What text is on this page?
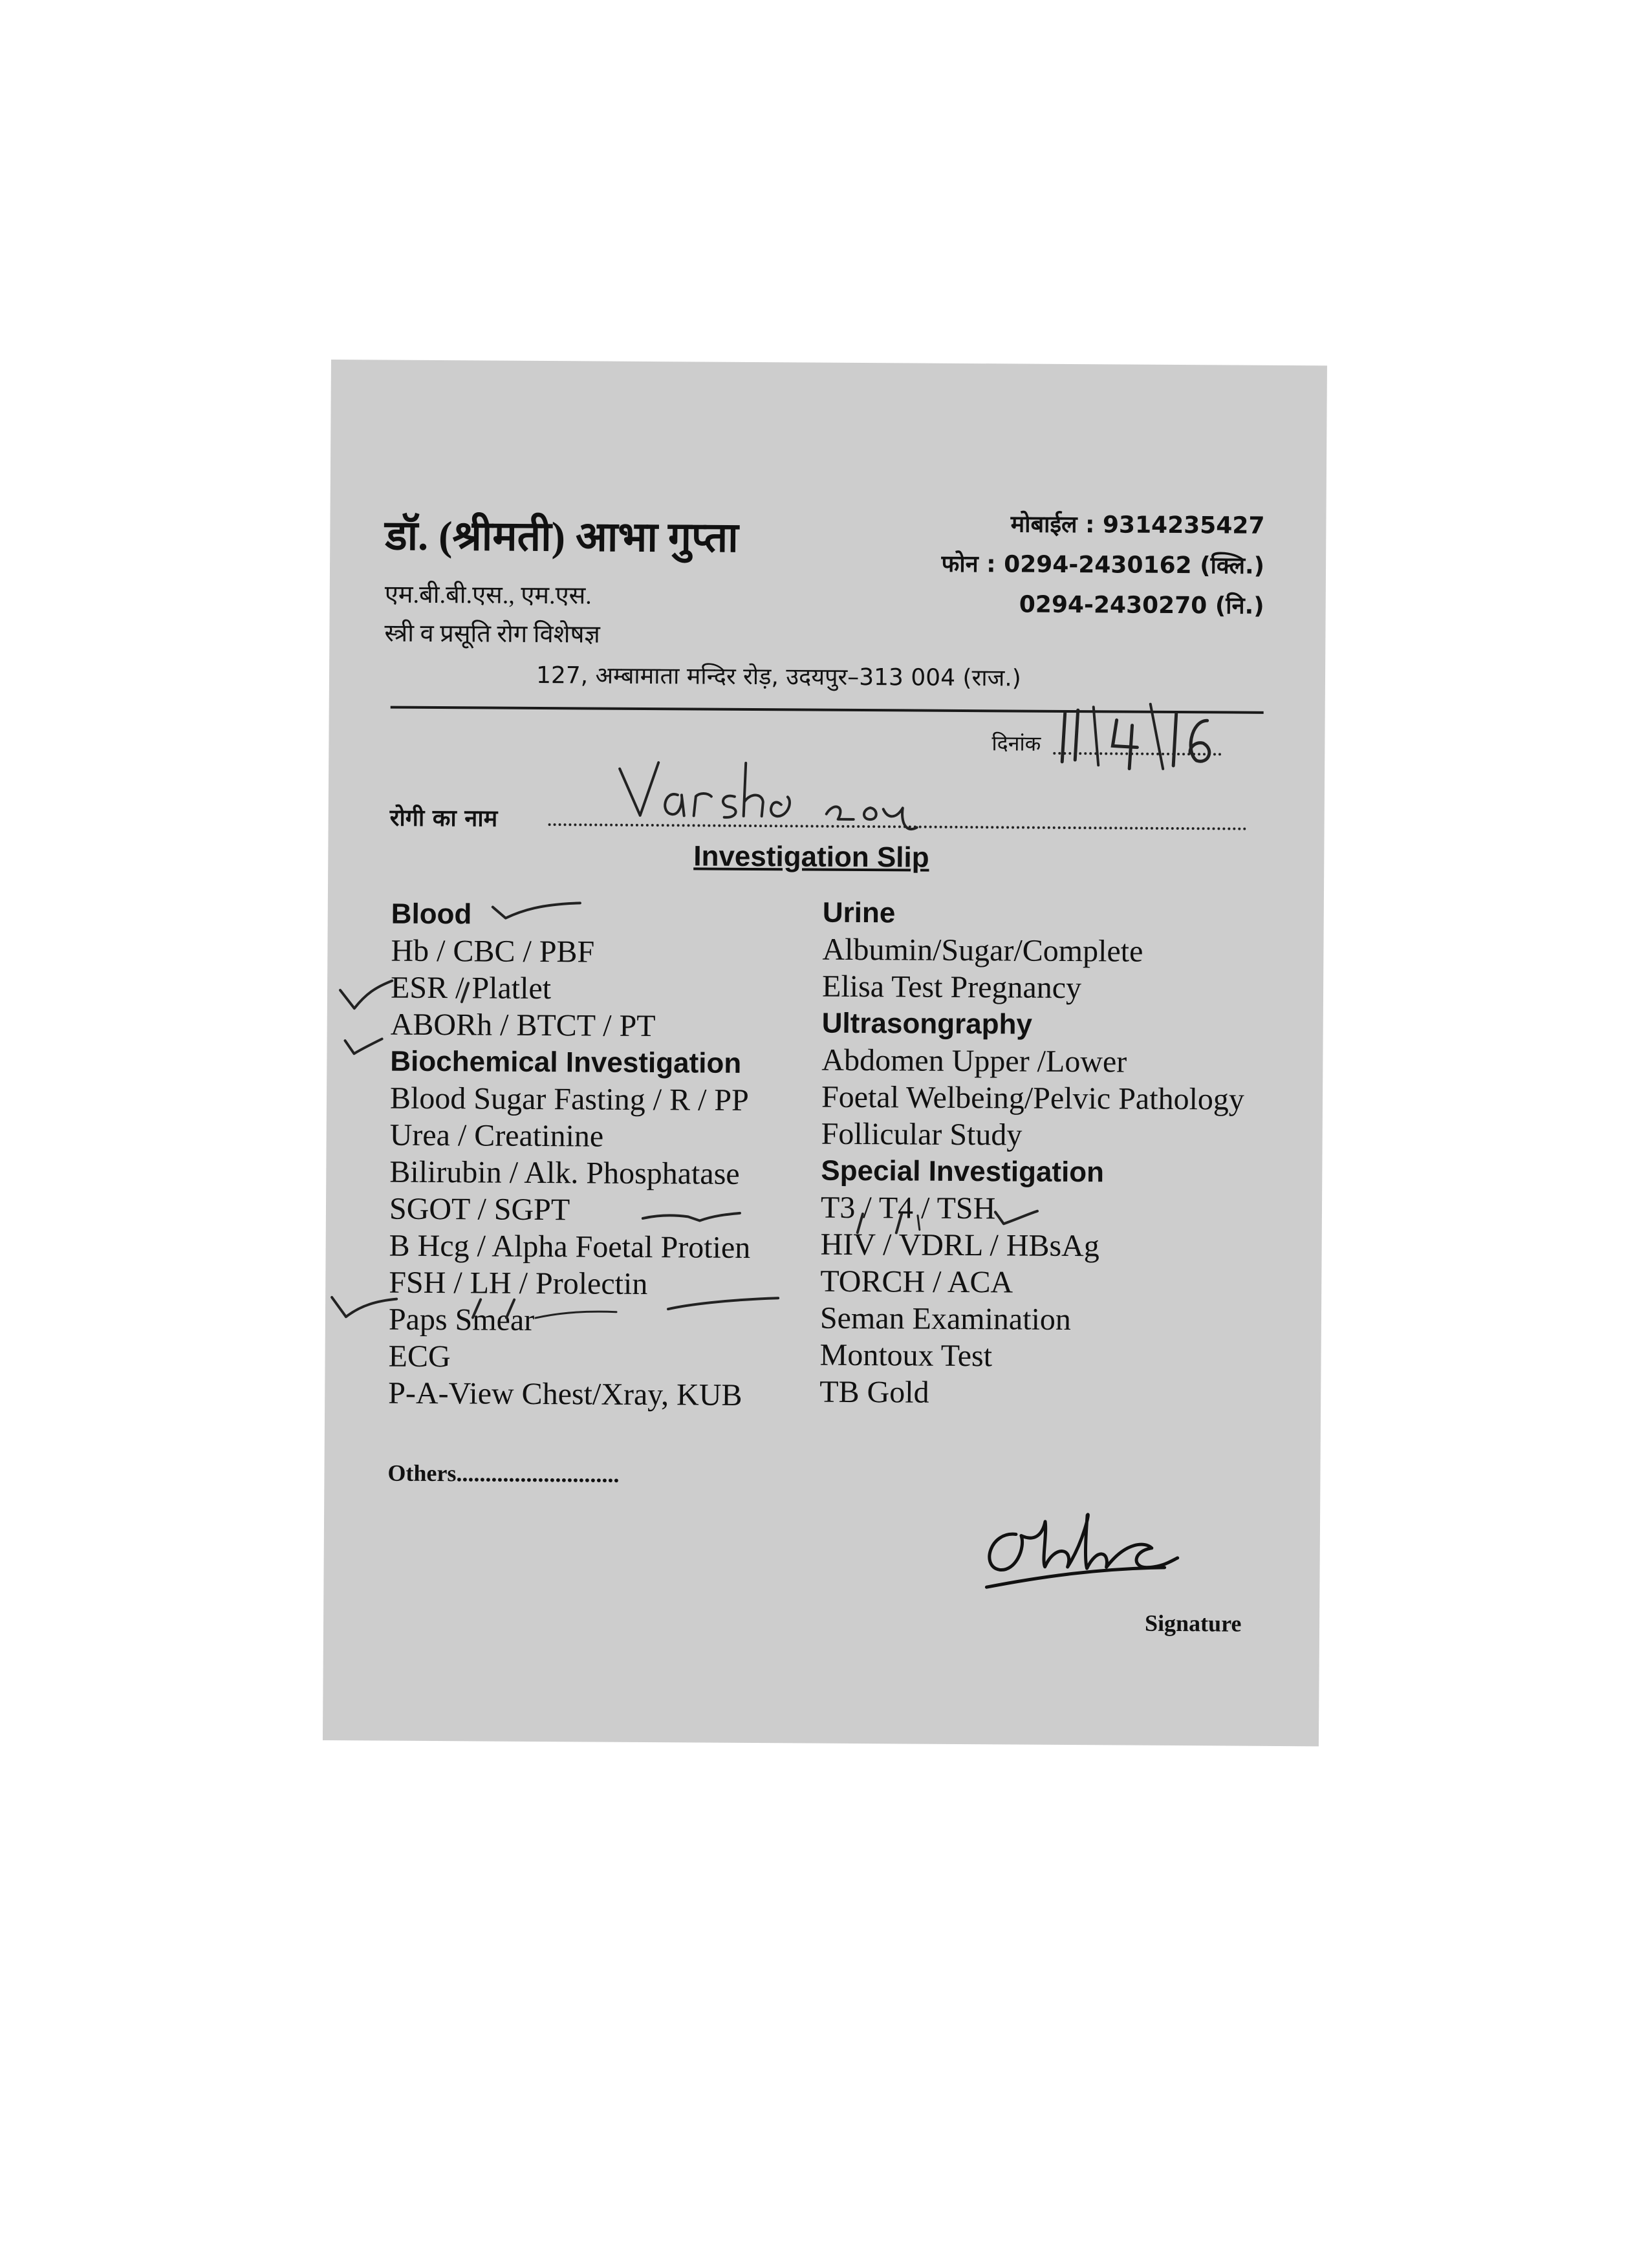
डॉ. (श्रीमती) आभा गुप्ता
एम.बी.बी.एस., एम.एस.
स्त्री व प्रसूति रोग विशेषज्ञ
मोबाईल : 9314235427
फोन : 0294-2430162 (क्लि.)
0294-2430270 (नि.)
127, अम्बामाता मन्दिर रोड़, उदयपुर–313 004 (राज.)
दिनांक
रोगी का नाम
Investigation Slip
Blood
Hb / CBC / PBF
ESR / Platlet
ABORh / BTCT / PT
Biochemical Investigation
Blood Sugar Fasting / R / PP
Urea / Creatinine
Bilirubin / Alk. Phosphatase
SGOT / SGPT
B Hcg / Alpha Foetal Protien
FSH / LH / Prolectin
Paps Smear
ECG
P-A-View Chest/Xray, KUB
Urine
Albumin/Sugar/Complete
Elisa Test Pregnancy
Ultrasongraphy
Abdomen Upper /Lower
Foetal Welbeing/Pelvic Pathology
Follicular Study
Special Investigation
T3 / T4 / TSH
HIV / VDRL / HBsAg
TORCH / ACA
Seman Examination
Montoux Test
TB Gold
Others............................
Signature
